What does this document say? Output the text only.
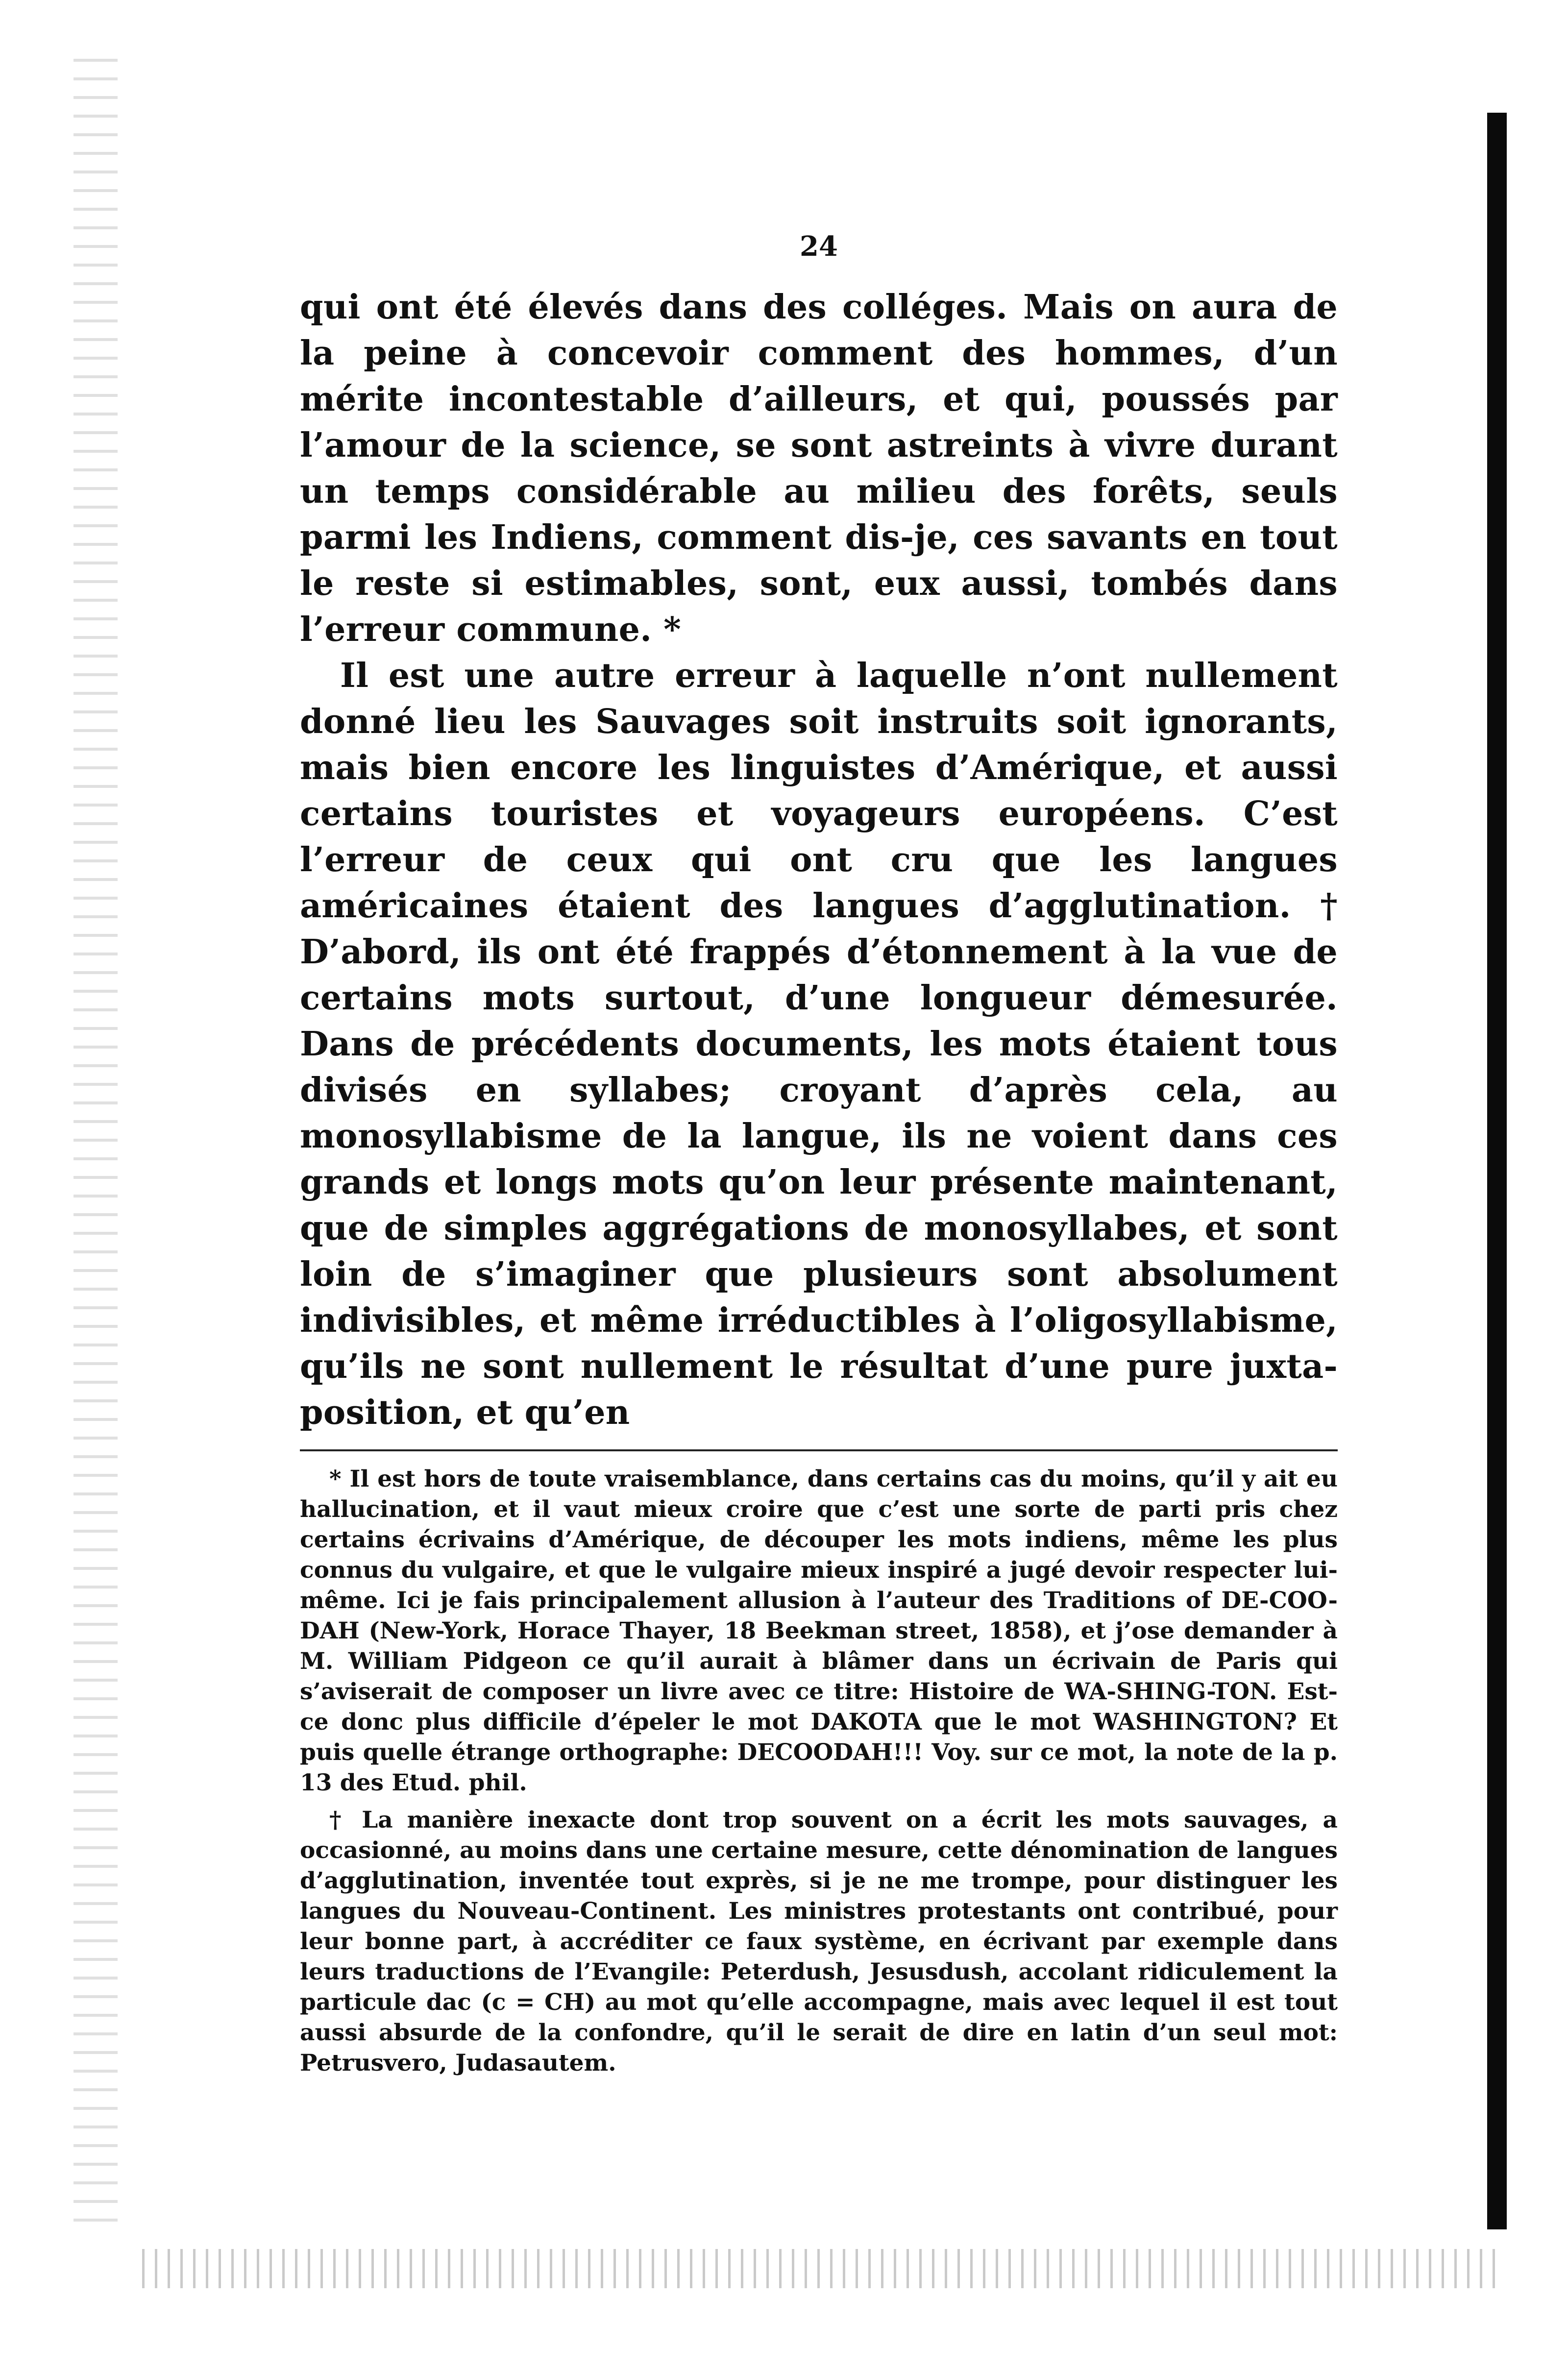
24

qui ont été élevés dans des colléges. Mais on aura de la peine à concevoir comment des hommes, d’un mérite incontestable d’ailleurs, et qui, poussés par l’amour de la science, se sont astreints à vivre durant un temps considérable au milieu des forêts, seuls parmi les Indiens, comment dis-je, ces savants en tout le reste si estimables, sont, eux aussi, tombés dans l’erreur commune. *

Il est une autre erreur à laquelle n’ont nullement donné lieu les Sauvages soit instruits soit ignorants, mais bien encore les linguistes d’Amérique, et aussi certains touristes et voyageurs européens. C’est l’erreur de ceux qui ont cru que les langues américaines étaient des langues d’agglutination. † D’abord, ils ont été frappés d’étonnement à la vue de certains mots surtout, d’une longueur démesurée. Dans de précédents documents, les mots étaient tous divisés en syllabes; croyant d’après cela, au monosyllabisme de la langue, ils ne voient dans ces grands et longs mots qu’on leur présente maintenant, que de simples aggrégations de monosyllabes, et sont loin de s’imaginer que plusieurs sont absolument indivisibles, et même irréductibles à l’oligosyllabisme, qu’ils ne sont nullement le résultat d’une pure juxta-position, et qu’en

* Il est hors de toute vraisemblance, dans certains cas du moins, qu’il y ait eu hallucination, et il vaut mieux croire que c’est une sorte de parti pris chez certains écrivains d’Amérique, de découper les mots indiens, même les plus connus du vulgaire, et que le vulgaire mieux inspiré a jugé devoir respecter lui-même. Ici je fais principalement allusion à l’auteur des Traditions of DE-COO-DAH (New-York, Horace Thayer, 18 Beekman street, 1858), et j’ose demander à M. William Pidgeon ce qu’il aurait à blâmer dans un écrivain de Paris qui s’aviserait de composer un livre avec ce titre: Histoire de WA-SHING-TON. Est-ce donc plus difficile d’épeler le mot DAKOTA que le mot WASHINGTON? Et puis quelle étrange orthographe: DECOODAH!!! Voy. sur ce mot, la note de la p. 13 des Etud. phil.

† La manière inexacte dont trop souvent on a écrit les mots sauvages, a occasionné, au moins dans une certaine mesure, cette dénomination de langues d’agglutination, inventée tout exprès, si je ne me trompe, pour distinguer les langues du Nouveau-Continent. Les ministres protestants ont contribué, pour leur bonne part, à accréditer ce faux système, en écrivant par exemple dans leurs traductions de l’Evangile: Peterdush, Jesusdush, accolant ridiculement la particule dac (c = CH) au mot qu’elle accompagne, mais avec lequel il est tout aussi absurde de la confondre, qu’il le serait de dire en latin d’un seul mot: Petrusvero, Judasautem.
